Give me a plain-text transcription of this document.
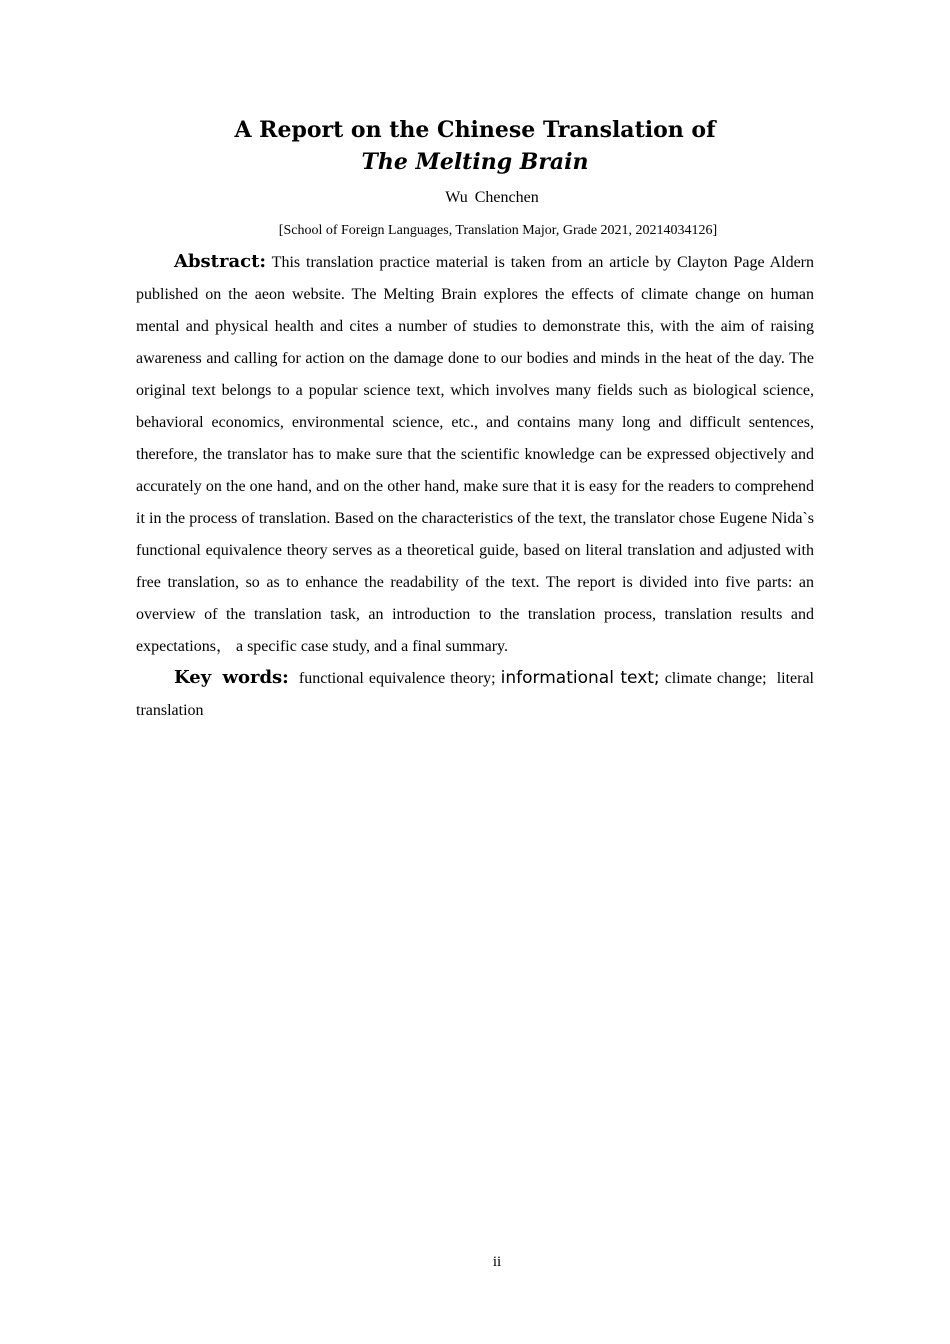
A Report on the Chinese Translation of
The Melting Brain
Wu Chenchen
[School of Foreign Languages, Translation Major, Grade 2021, 20214034126]

Abstract: This translation practice material is taken from an article by Clayton Page Aldern published on the aeon website. The Melting Brain explores the effects of climate change on human mental and physical health and cites a number of studies to demonstrate this, with the aim of raising awareness and calling for action on the damage done to our bodies and minds in the heat of the day. The original text belongs to a popular science text, which involves many fields such as biological science, behavioral economics, environmental science, etc., and contains many long and difficult sentences, therefore, the translator has to make sure that the scientific knowledge can be expressed objectively and accurately on the one hand, and on the other hand, make sure that it is easy for the readers to comprehend it in the process of translation. Based on the characteristics of the text, the translator chose Eugene Nida`s functional equivalence theory serves as a theoretical guide, based on literal translation and adjusted with free translation, so as to enhance the readability of the text. The report is divided into five parts: an overview of the translation task, an introduction to the translation process, translation results and expectations， a specific case study, and a final summary.

Key words: functional equivalence theory; informational text; climate change; literal translation

ii
